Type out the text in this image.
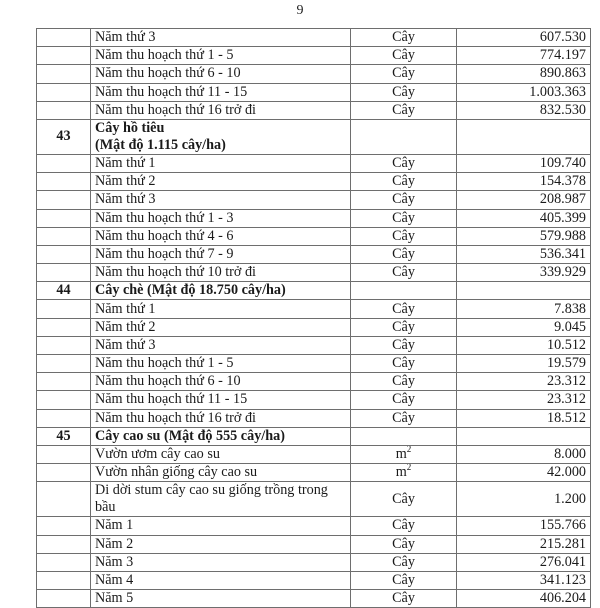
9
	Năm thứ 3	Cây	607.530
	Năm thu hoạch thứ 1 - 5	Cây	774.197
	Năm thu hoạch thứ 6 - 10	Cây	890.863
	Năm thu hoạch thứ 11 - 15	Cây	1.003.363
	Năm thu hoạch thứ 16 trở đi	Cây	832.530
43	Cây hồ tiêu
(Mật độ 1.115 cây/ha)		
	Năm thứ 1	Cây	109.740
	Năm thứ 2	Cây	154.378
	Năm thứ 3	Cây	208.987
	Năm thu hoạch thứ 1 - 3	Cây	405.399
	Năm thu hoạch thứ 4 - 6	Cây	579.988
	Năm thu hoạch thứ 7 - 9	Cây	536.341
	Năm thu hoạch thứ 10 trở đi	Cây	339.929
44	Cây chè (Mật độ 18.750 cây/ha)		
	Năm thứ 1	Cây	7.838
	Năm thứ 2	Cây	9.045
	Năm thứ 3	Cây	10.512
	Năm thu hoạch thứ 1 - 5	Cây	19.579
	Năm thu hoạch thứ 6 - 10	Cây	23.312
	Năm thu hoạch thứ 11 - 15	Cây	23.312
	Năm thu hoạch thứ 16 trở đi	Cây	18.512
45	Cây cao su (Mật độ 555 cây/ha)		
	Vườn ươm cây cao su	$m^2$	8.000
	Vườn nhân giống cây cao su	$m^2$	42.000
	Di dời stum cây cao su giống trồng trong bầu	Cây	1.200
	Năm 1	Cây	155.766
	Năm 2	Cây	215.281
	Năm 3	Cây	276.041
	Năm 4	Cây	341.123
	Năm 5	Cây	406.204
